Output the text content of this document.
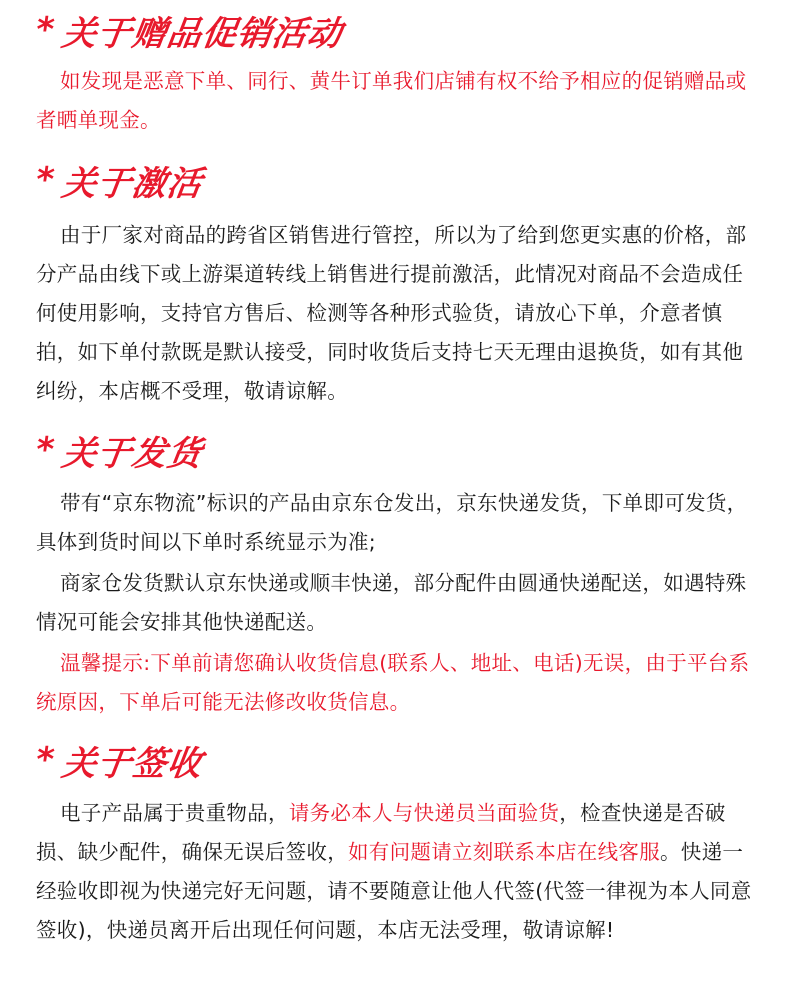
* 关于赠品促销活动

如发现是恶意下单、同行、黄牛订单我们店铺有权不给予相应的促销赠品或者晒单现金。

* 关于激活

由于厂家对商品的跨省区销售进行管控，所以为了给到您更实惠的价格，部分产品由线下或上游渠道转线上销售进行提前激活，此情况对商品不会造成任何使用影响，支持官方售后、检测等各种形式验货，请放心下单，介意者慎拍，如下单付款既是默认接受，同时收货后支持七天无理由退换货，如有其他纠纷，本店概不受理，敬请谅解。

* 关于发货

带有“京东物流”标识的产品由京东仓发出，京东快递发货，下单即可发货，具体到货时间以下单时系统显示为准;

商家仓发货默认京东快递或顺丰快递，部分配件由圆通快递配送，如遇特殊情况可能会安排其他快递配送。

温馨提示:下单前请您确认收货信息(联系人、地址、电话)无误，由于平台系统原因，下单后可能无法修改收货信息。

* 关于签收

电子产品属于贵重物品，请务必本人与快递员当面验货，检查快递是否破损、缺少配件，确保无误后签收，如有问题请立刻联系本店在线客服。快递一经验收即视为快递完好无问题，请不要随意让他人代签(代签一律视为本人同意签收)，快递员离开后出现任何问题，本店无法受理，敬请谅解!
